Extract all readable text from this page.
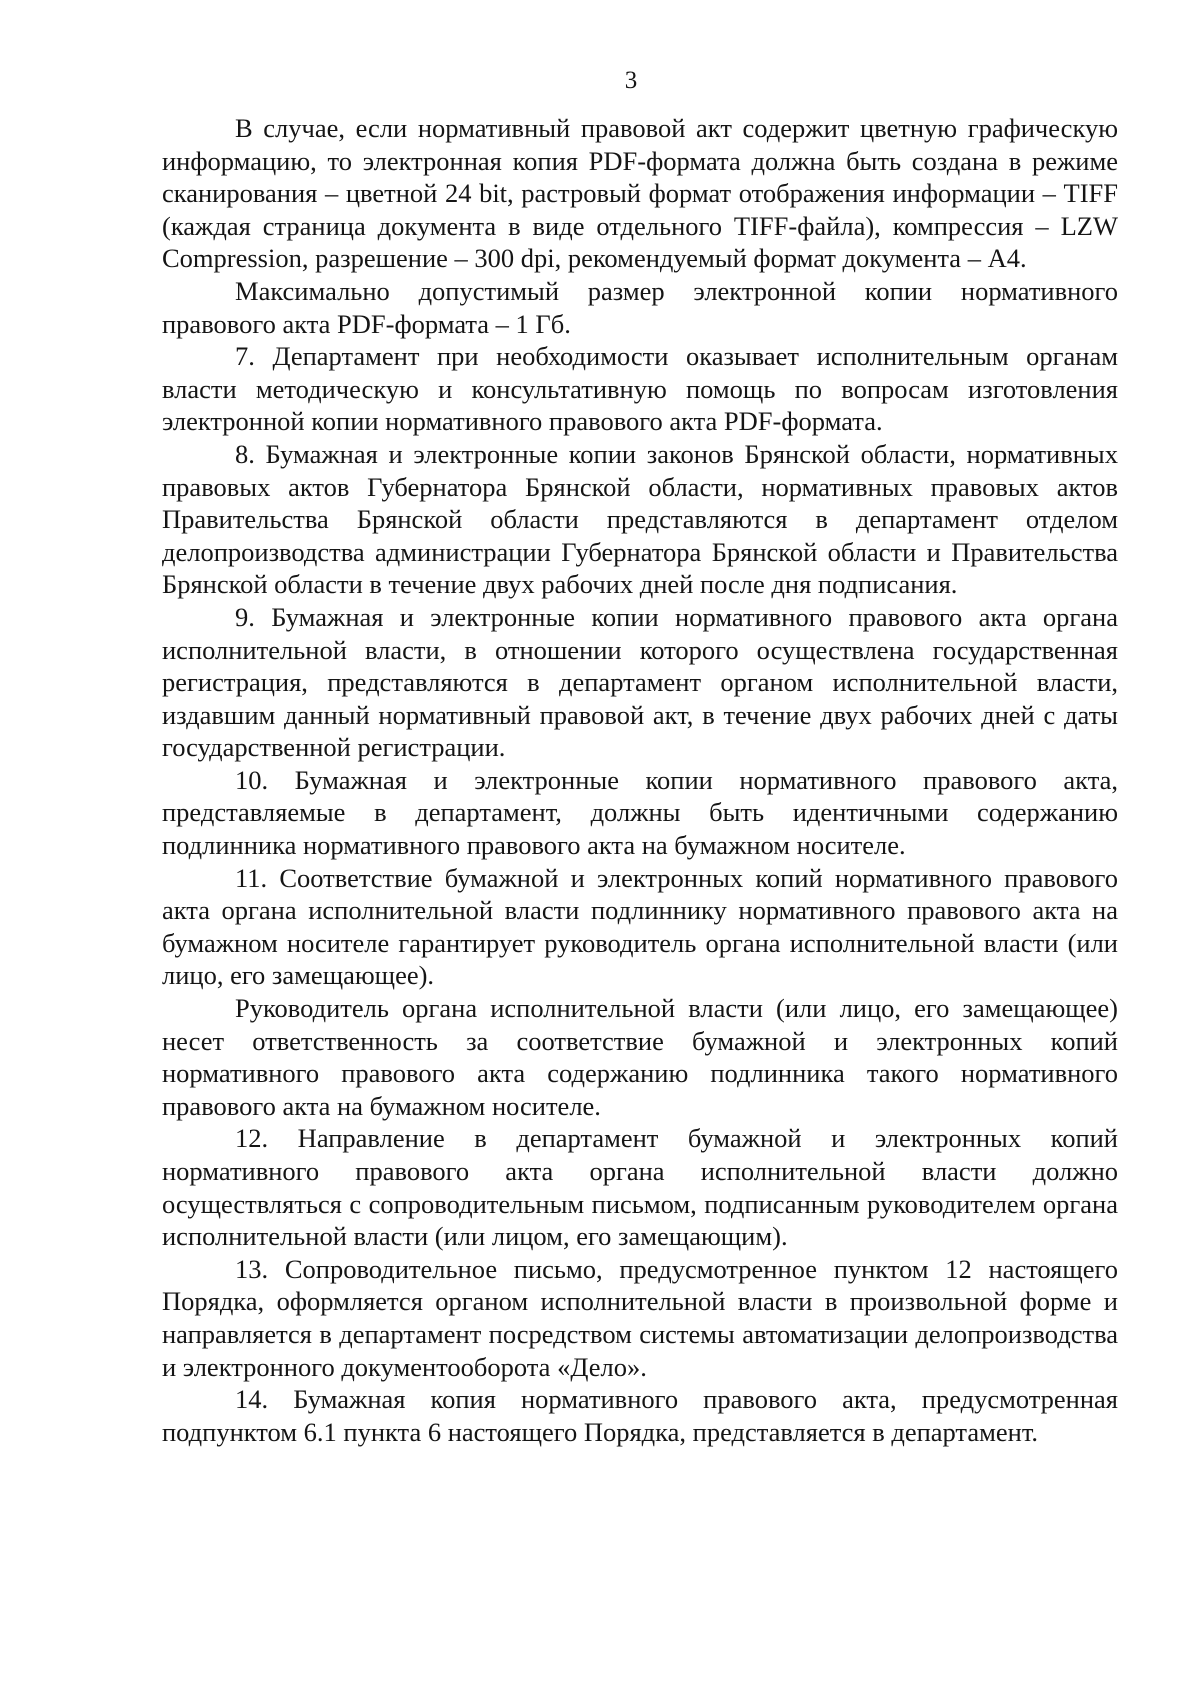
3

В случае, если нормативный правовой акт содержит цветную графическую информацию, то электронная копия PDF-формата должна быть создана в режиме сканирования – цветной 24 bit, растровый формат отображения информации – TIFF (каждая страница документа в виде отдельного TIFF-файла), компрессия – LZW Compression, разрешение – 300 dpi, рекомендуемый формат документа – A4.

Максимально допустимый размер электронной копии нормативного правового акта PDF-формата – 1 Гб.

7. Департамент при необходимости оказывает исполнительным органам власти методическую и консультативную помощь по вопросам изготовления электронной копии нормативного правового акта PDF-формата.

8. Бумажная и электронные копии законов Брянской области, нормативных правовых актов Губернатора Брянской области, нормативных правовых актов Правительства Брянской области представляются в департамент отделом делопроизводства администрации Губернатора Брянской области и Правительства Брянской области в течение двух рабочих дней после дня подписания.

9. Бумажная и электронные копии нормативного правового акта органа исполнительной власти, в отношении которого осуществлена государственная регистрация, представляются в департамент органом исполнительной власти, издавшим данный нормативный правовой акт, в течение двух рабочих дней с даты государственной регистрации.

10. Бумажная и электронные копии нормативного правового акта, представляемые в департамент, должны быть идентичными содержанию подлинника нормативного правового акта на бумажном носителе.

11. Соответствие бумажной и электронных копий нормативного правового акта органа исполнительной власти подлиннику нормативного правового акта на бумажном носителе гарантирует руководитель органа исполнительной власти (или лицо, его замещающее).

Руководитель органа исполнительной власти (или лицо, его замещающее) несет ответственность за соответствие бумажной и электронных копий нормативного правового акта содержанию подлинника такого нормативного правового акта на бумажном носителе.

12. Направление в департамент бумажной и электронных копий нормативного правового акта органа исполнительной власти должно осуществляться с сопроводительным письмом, подписанным руководителем органа исполнительной власти (или лицом, его замещающим).

13. Сопроводительное письмо, предусмотренное пунктом 12 настоящего Порядка, оформляется органом исполнительной власти в произвольной форме и направляется в департамент посредством системы автоматизации делопроизводства и электронного документооборота «Дело».

14. Бумажная копия нормативного правового акта, предусмотренная подпунктом 6.1 пункта 6 настоящего Порядка, представляется в департамент.
